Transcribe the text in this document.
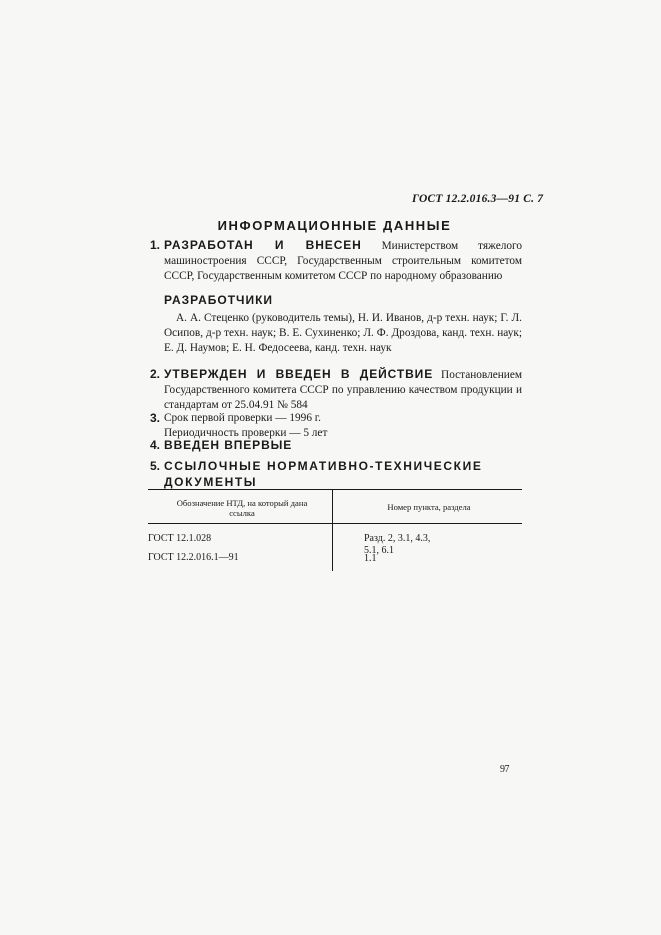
ГОСТ 12.2.016.3—91 С. 7
ИНФОРМАЦИОННЫЕ ДАННЫЕ
1. РАЗРАБОТАН И ВНЕСЕН Министерством тяжелого машиностроения СССР, Государственным строительным комитетом СССР, Государственным комитетом СССР по народному образованию
РАЗРАБОТЧИКИ
А. А. Стеценко (руководитель темы), Н. И. Иванов, д-р техн. наук; Г. Л. Осипов, д-р техн. наук; В. Е. Сухиненко; Л. Ф. Дроздова, канд. техн. наук; Е. Д. Наумов; Е. Н. Федосеева, канд. техн. наук
2. УТВЕРЖДЕН И ВВЕДЕН В ДЕЙСТВИЕ Постановлением Государственного комитета СССР по управлению качеством продукции и стандартам от 25.04.91 № 584
3. Срок первой проверки — 1996 г.
Периодичность проверки — 5 лет
4. ВВЕДЕН ВПЕРВЫЕ
5. ССЫЛОЧНЫЕ НОРМАТИВНО-ТЕХНИЧЕСКИЕ ДОКУМЕНТЫ
Обозначение НТД, на который дана ссылка
Номер пункта, раздела
ГОСТ 12.1.028	Разд. 2, 3.1, 4.3,
5.1, 6.1
ГОСТ 12.2.016.1—91	1.1
97
